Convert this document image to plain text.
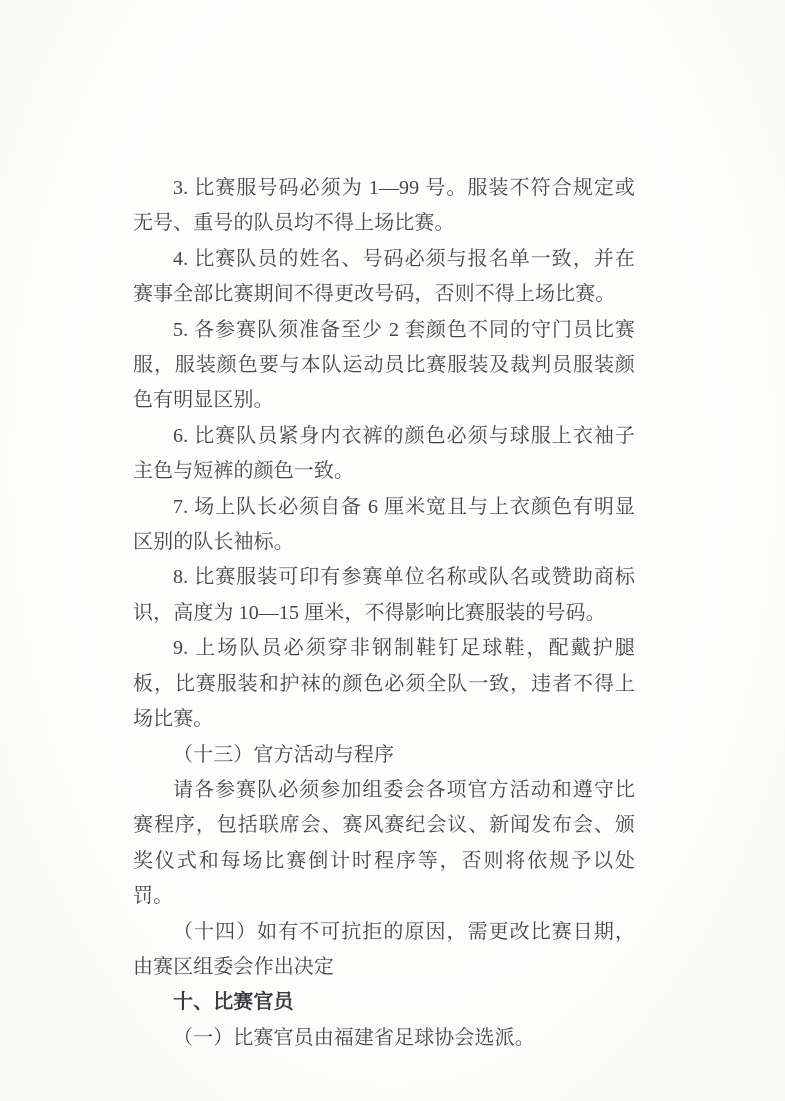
3. 比赛服号码必须为 1—99 号。服装不符合规定或无号、重号的队员均不得上场比赛。

4. 比赛队员的姓名、号码必须与报名单一致，并在赛事全部比赛期间不得更改号码，否则不得上场比赛。

5. 各参赛队须准备至少 2 套颜色不同的守门员比赛服，服装颜色要与本队运动员比赛服装及裁判员服装颜色有明显区别。

6. 比赛队员紧身内衣裤的颜色必须与球服上衣袖子主色与短裤的颜色一致。

7. 场上队长必须自备 6 厘米宽且与上衣颜色有明显区别的队长袖标。

8. 比赛服装可印有参赛单位名称或队名或赞助商标识，高度为 10—15 厘米，不得影响比赛服装的号码。

9. 上场队员必须穿非钢制鞋钉足球鞋，配戴护腿板，比赛服装和护袜的颜色必须全队一致，违者不得上场比赛。

（十三）官方活动与程序

请各参赛队必须参加组委会各项官方活动和遵守比赛程序，包括联席会、赛风赛纪会议、新闻发布会、颁奖仪式和每场比赛倒计时程序等，否则将依规予以处罚。

（十四）如有不可抗拒的原因，需更改比赛日期，由赛区组委会作出决定

十、比赛官员

（一）比赛官员由福建省足球协会选派。
